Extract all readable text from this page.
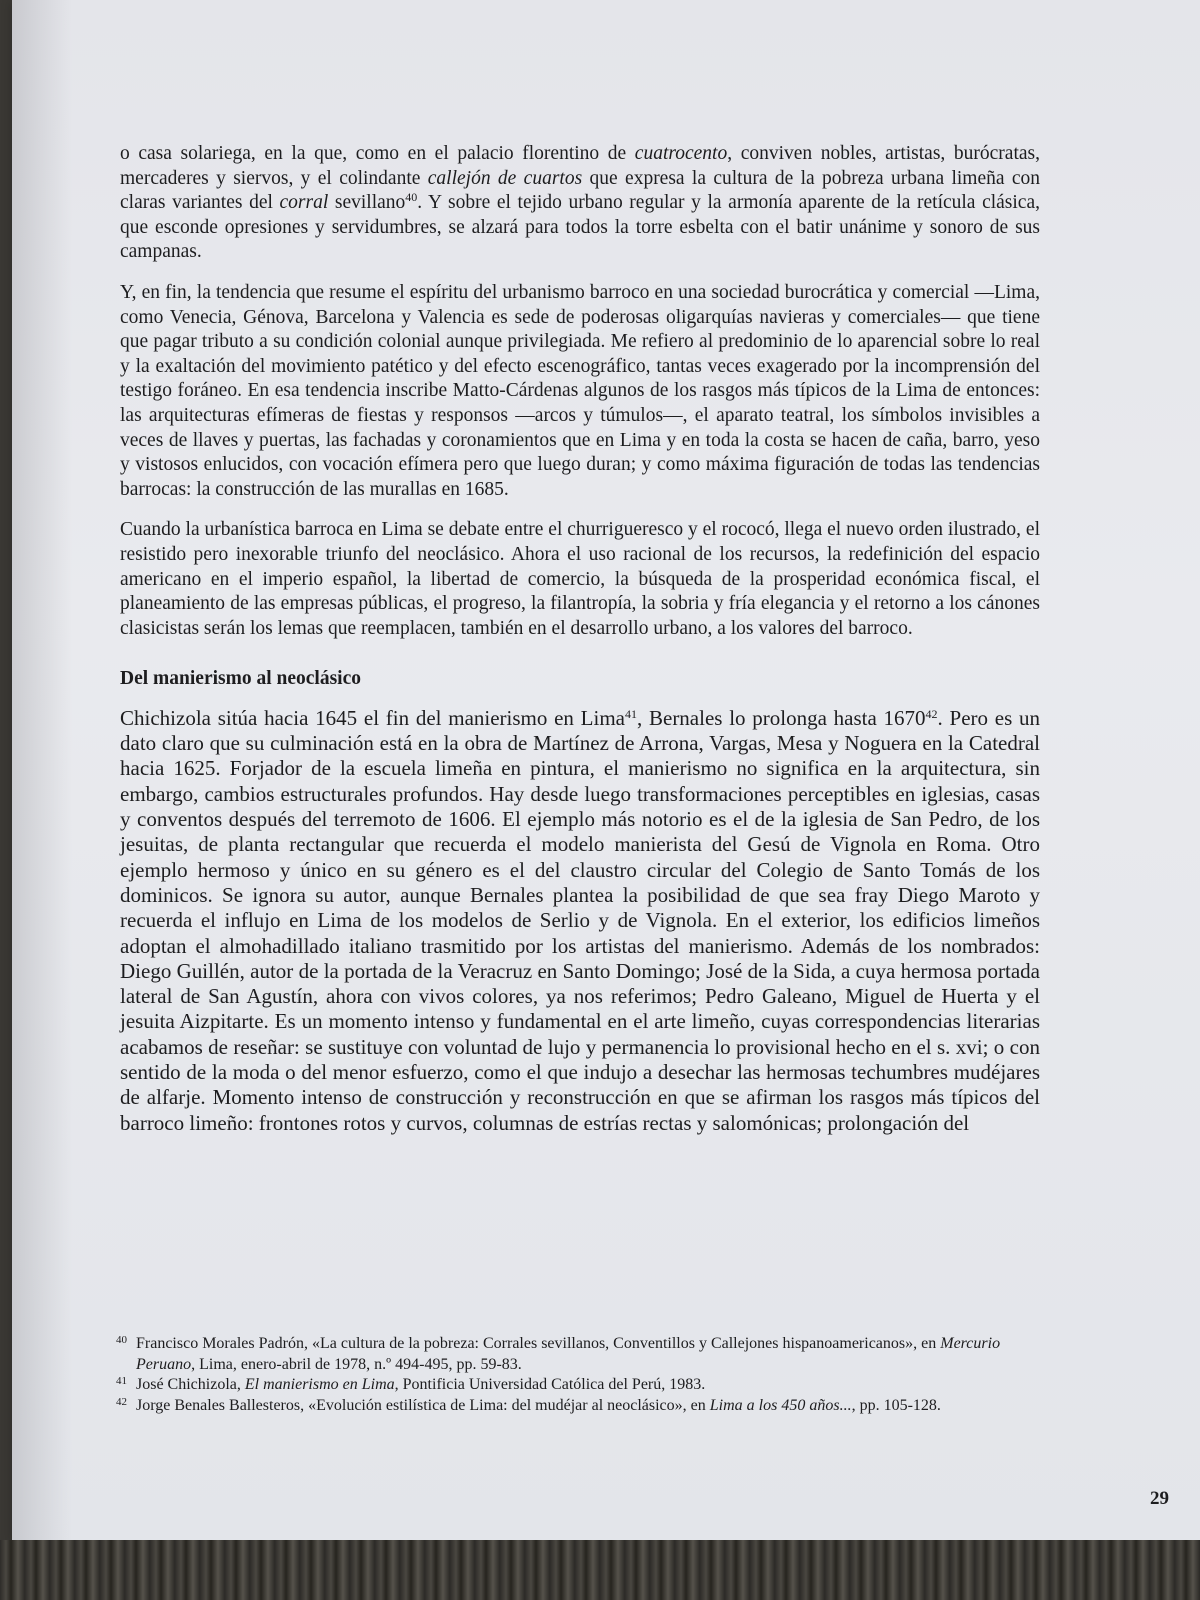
o casa solariega, en la que, como en el palacio florentino de cuatrocento, conviven nobles, artistas, burócratas, mercaderes y siervos, y el colindante callejón de cuartos que expresa la cultura de la pobreza urbana limeña con claras variantes del corral sevillano$^{40}$. Y sobre el tejido urbano regular y la armonía aparente de la retícula clásica, que esconde opresiones y servidumbres, se alzará para todos la torre esbelta con el batir unánime y sonoro de sus campanas.

Y, en fin, la tendencia que resume el espíritu del urbanismo barroco en una sociedad burocrática y comercial —Lima, como Venecia, Génova, Barcelona y Valencia es sede de poderosas oligarquías navieras y comerciales— que tiene que pagar tributo a su condición colonial aunque privilegiada. Me refiero al predominio de lo aparencial sobre lo real y la exaltación del movimiento patético y del efecto escenográfico, tantas veces exagerado por la incomprensión del testigo foráneo. En esa tendencia inscribe Matto-Cárdenas algunos de los rasgos más típicos de la Lima de entonces: las arquitecturas efímeras de fiestas y responsos —arcos y túmulos—, el aparato teatral, los símbolos invisibles a veces de llaves y puertas, las fachadas y coronamientos que en Lima y en toda la costa se hacen de caña, barro, yeso y vistosos enlucidos, con vocación efímera pero que luego duran; y como máxima figuración de todas las tendencias barrocas: la construcción de las murallas en 1685.

Cuando la urbanística barroca en Lima se debate entre el churrigueresco y el rococó, llega el nuevo orden ilustrado, el resistido pero inexorable triunfo del neoclásico. Ahora el uso racional de los recursos, la redefinición del espacio americano en el imperio español, la libertad de comercio, la búsqueda de la prosperidad económica fiscal, el planeamiento de las empresas públicas, el progreso, la filantropía, la sobria y fría elegancia y el retorno a los cánones clasicistas serán los lemas que reemplacen, también en el desarrollo urbano, a los valores del barroco.

Del manierismo al neoclásico

Chichizola sitúa hacia 1645 el fin del manierismo en Lima$^{41}$, Bernales lo prolonga hasta 1670$^{42}$. Pero es un dato claro que su culminación está en la obra de Martínez de Arrona, Vargas, Mesa y Noguera en la Catedral hacia 1625. Forjador de la escuela limeña en pintura, el manierismo no significa en la arquitectura, sin embargo, cambios estructurales profundos. Hay desde luego transformaciones perceptibles en iglesias, casas y conventos después del terremoto de 1606. El ejemplo más notorio es el de la iglesia de San Pedro, de los jesuitas, de planta rectangular que recuerda el modelo manierista del Gesú de Vignola en Roma. Otro ejemplo hermoso y único en su género es el del claustro circular del Colegio de Santo Tomás de los dominicos. Se ignora su autor, aunque Bernales plantea la posibilidad de que sea fray Diego Maroto y recuerda el influjo en Lima de los modelos de Serlio y de Vignola. En el exterior, los edificios limeños adoptan el almohadillado italiano trasmitido por los artistas del manierismo. Además de los nombrados: Diego Guillén, autor de la portada de la Veracruz en Santo Domingo; José de la Sida, a cuya hermosa portada lateral de San Agustín, ahora con vivos colores, ya nos referimos; Pedro Galeano, Miguel de Huerta y el jesuita Aizpitarte. Es un momento intenso y fundamental en el arte limeño, cuyas correspondencias literarias acabamos de reseñar: se sustituye con voluntad de lujo y permanencia lo provisional hecho en el s. xvi; o con sentido de la moda o del menor esfuerzo, como el que indujo a desechar las hermosas techumbres mudéjares de alfarje. Momento intenso de construcción y reconstrucción en que se afirman los rasgos más típicos del barroco limeño: frontones rotos y curvos, columnas de estrías rectas y salomónicas; prolongación del

40 Francisco Morales Padrón, «La cultura de la pobreza: Corrales sevillanos, Conventillos y Callejones hispanoamericanos», en Mercurio Peruano, Lima, enero-abril de 1978, n.º 494-495, pp. 59-83.

41 José Chichizola, El manierismo en Lima, Pontificia Universidad Católica del Perú, 1983.

42 Jorge Benales Ballesteros, «Evolución estilística de Lima: del mudéjar al neoclásico», en Lima a los 450 años..., pp. 105-128.

29
